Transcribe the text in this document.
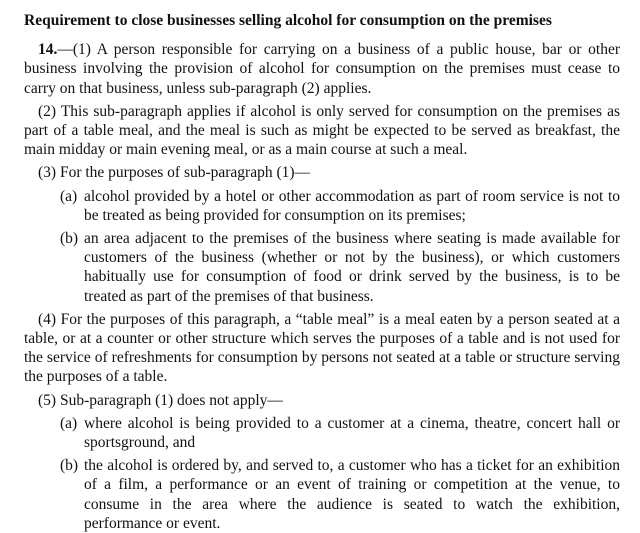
Requirement to close businesses selling alcohol for consumption on the premises

14.—(1) A person responsible for carrying on a business of a public house, bar or other business involving the provision of alcohol for consumption on the premises must cease to carry on that business, unless sub-paragraph (2) applies.

(2) This sub-paragraph applies if alcohol is only served for consumption on the premises as part of a table meal, and the meal is such as might be expected to be served as breakfast, the main midday or main evening meal, or as a main course at such a meal.

(3) For the purposes of sub-paragraph (1)—

(a) alcohol provided by a hotel or other accommodation as part of room service is not to be treated as being provided for consumption on its premises;

(b) an area adjacent to the premises of the business where seating is made available for customers of the business (whether or not by the business), or which customers habitually use for consumption of food or drink served by the business, is to be treated as part of the premises of that business.

(4) For the purposes of this paragraph, a “table meal” is a meal eaten by a person seated at a table, or at a counter or other structure which serves the purposes of a table and is not used for the service of refreshments for consumption by persons not seated at a table or structure serving the purposes of a table.

(5) Sub-paragraph (1) does not apply—

(a) where alcohol is being provided to a customer at a cinema, theatre, concert hall or sportsground, and

(b) the alcohol is ordered by, and served to, a customer who has a ticket for an exhibition of a film, a performance or an event of training or competition at the venue, to consume in the area where the audience is seated to watch the exhibition, performance or event.
